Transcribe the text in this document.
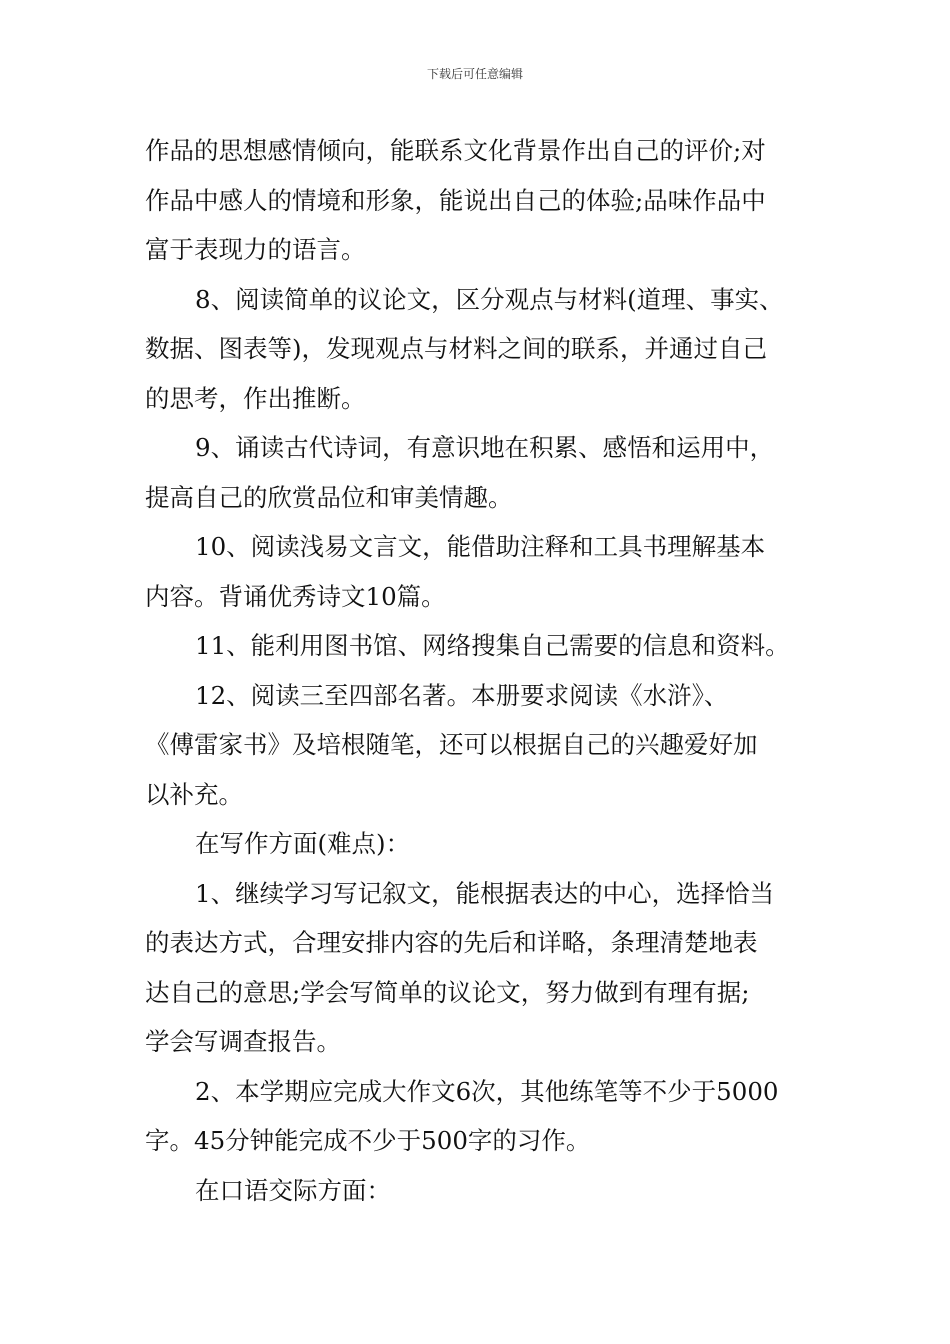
下载后可任意编辑
作品的思想感情倾向，能联系文化背景作出自己的评价;对
作品中感人的情境和形象，能说出自己的体验;品味作品中
富于表现力的语言。
8、阅读简单的议论文，区分观点与材料(道理、事实、
数据、图表等)，发现观点与材料之间的联系，并通过自己
的思考，作出推断。
9、诵读古代诗词，有意识地在积累、感悟和运用中，
提高自己的欣赏品位和审美情趣。
10、阅读浅易文言文，能借助注释和工具书理解基本
内容。背诵优秀诗文10篇。
11、能利用图书馆、网络搜集自己需要的信息和资料。
12、阅读三至四部名著。本册要求阅读《水浒》、
《傅雷家书》及培根随笔，还可以根据自己的兴趣爱好加
以补充。
在写作方面(难点)：
1、继续学习写记叙文，能根据表达的中心，选择恰当
的表达方式，合理安排内容的先后和详略，条理清楚地表
达自己的意思;学会写简单的议论文，努力做到有理有据;
学会写调查报告。
2、本学期应完成大作文6次，其他练笔等不少于5000
字。45分钟能完成不少于500字的习作。
在口语交际方面：
